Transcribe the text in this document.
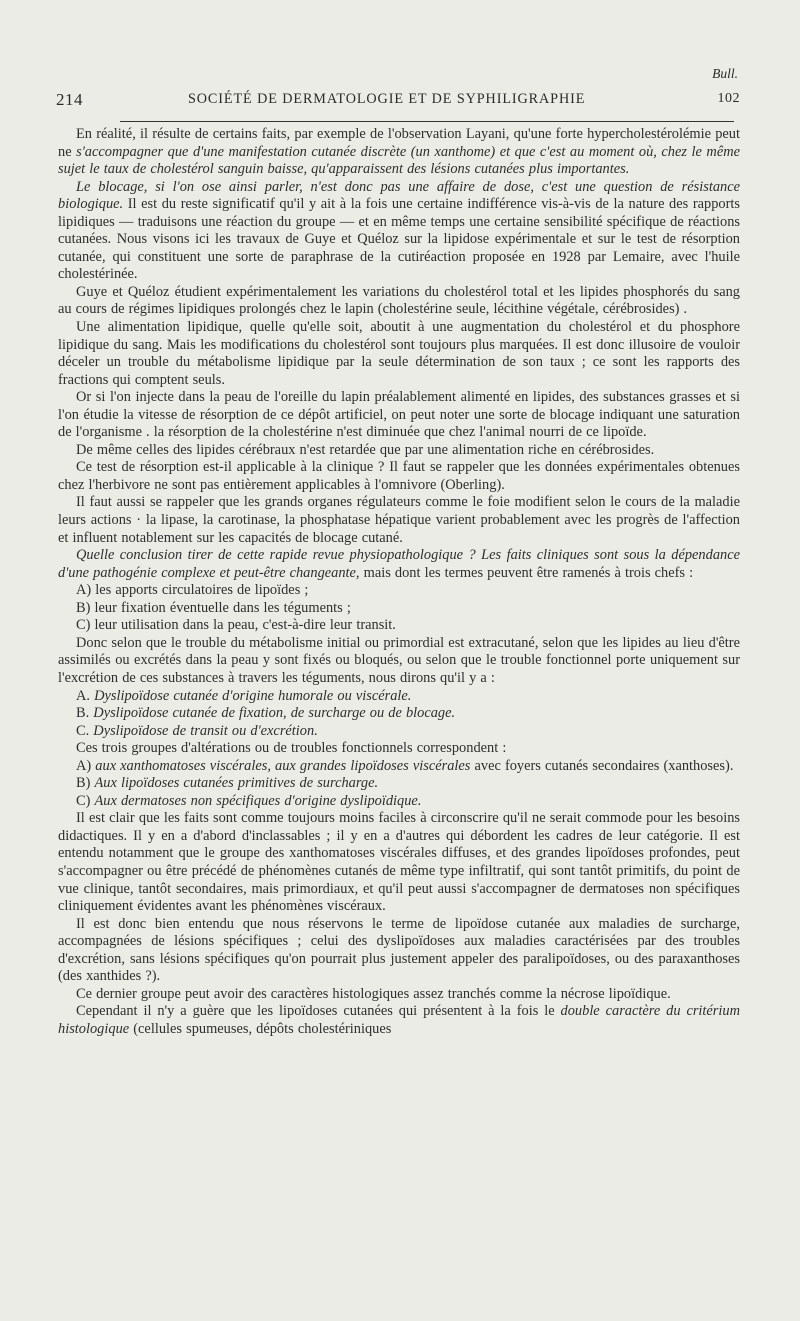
214	SOCIÉTÉ DE DERMATOLOGIE ET DE SYPHILIGRAPHIE
Bull.
102

En réalité, il résulte de certains faits, par exemple de l'observation Layani, qu'une forte hypercholestérolémie peut ne s'accompagner que d'une manifestation cutanée discrète (un xanthome) et que c'est au moment où, chez le même sujet le taux de cholestérol sanguin baisse, qu'apparaissent des lésions cutanées plus importantes.

Le blocage, si l'on ose ainsi parler, n'est donc pas une affaire de dose, c'est une question de résistance biologique. Il est du reste significatif qu'il y ait à la fois une certaine indifférence vis-à-vis de la nature des rapports lipidiques — traduisons une réaction du groupe — et en même temps une certaine sensibilité spécifique de réactions cutanées. Nous visons ici les travaux de Guye et Quéloz sur la lipidose expérimentale et sur le test de résorption cutanée, qui constituent une sorte de paraphrase de la cutiréaction proposée en 1928 par Lemaire, avec l'huile cholestérinée.

Guye et Quéloz étudient expérimentalement les variations du cholestérol total et les lipides phosphorés du sang au cours de régimes lipidiques prolongés chez le lapin (cholestérine seule, lécithine végétale, cérébrosides) .

Une alimentation lipidique, quelle qu'elle soit, aboutit à une augmentation du cholestérol et du phosphore lipidique du sang. Mais les modifications du cholestérol sont toujours plus marquées. Il est donc illusoire de vouloir déceler un trouble du métabolisme lipidique par la seule détermination de son taux ; ce sont les rapports des fractions qui comptent seuls.

Or si l'on injecte dans la peau de l'oreille du lapin préalablement alimenté en lipides, des substances grasses et si l'on étudie la vitesse de résorption de ce dépôt artificiel, on peut noter une sorte de blocage indiquant une saturation de l'organisme . la résorption de la cholestérine n'est diminuée que chez l'animal nourri de ce lipoïde.

De même celles des lipides cérébraux n'est retardée que par une alimentation riche en cérébrosides.

Ce test de résorption est-il applicable à la clinique ? Il faut se rappeler que les données expérimentales obtenues chez l'herbivore ne sont pas entièrement applicables à l'omnivore (Oberling).

Il faut aussi se rappeler que les grands organes régulateurs comme le foie modifient selon le cours de la maladie leurs actions · la lipase, la carotinase, la phosphatase hépatique varient probablement avec les progrès de l'affection et influent notablement sur les capacités de blocage cutané.

Quelle conclusion tirer de cette rapide revue physiopathologique ? Les faits cliniques sont sous la dépendance d'une pathogénie complexe et peut-être changeante, mais dont les termes peuvent être ramenés à trois chefs :

A) les apports circulatoires de lipoïdes ;

B) leur fixation éventuelle dans les téguments ;

C) leur utilisation dans la peau, c'est-à-dire leur transit.

Donc selon que le trouble du métabolisme initial ou primordial est extracutané, selon que les lipides au lieu d'être assimilés ou excrétés dans la peau y sont fixés ou bloqués, ou selon que le trouble fonctionnel porte uniquement sur l'excrétion de ces substances à travers les téguments, nous dirons qu'il y a :

A. Dyslipoïdose cutanée d'origine humorale ou viscérale.

B. Dyslipoïdose cutanée de fixation, de surcharge ou de blocage.

C. Dyslipoïdose de transit ou d'excrétion.

Ces trois groupes d'altérations ou de troubles fonctionnels correspondent :

A) aux xanthomatoses viscérales, aux grandes lipoïdoses viscérales avec foyers cutanés secondaires (xanthoses).

B) Aux lipoïdoses cutanées primitives de surcharge.

C) Aux dermatoses non spécifiques d'origine dyslipoïdique.

Il est clair que les faits sont comme toujours moins faciles à circonscrire qu'il ne serait commode pour les besoins didactiques. Il y en a d'abord d'inclassables ; il y en a d'autres qui débordent les cadres de leur catégorie. Il est entendu notamment que le groupe des xanthomatoses viscérales diffuses, et des grandes lipoïdoses profondes, peut s'accompagner ou être précédé de phénomènes cutanés de même type infiltratif, qui sont tantôt primitifs, du point de vue clinique, tantôt secondaires, mais primordiaux, et qu'il peut aussi s'accompagner de dermatoses non spécifiques cliniquement évidentes avant les phénomènes viscéraux.

Il est donc bien entendu que nous réservons le terme de lipoïdose cutanée aux maladies de surcharge, accompagnées de lésions spécifiques ; celui des dyslipoïdoses aux maladies caractérisées par des troubles d'excrétion, sans lésions spécifiques qu'on pourrait plus justement appeler des paralipoïdoses, ou des paraxanthoses (des xanthides ?).

Ce dernier groupe peut avoir des caractères histologiques assez tranchés comme la nécrose lipoïdique.

Cependant il n'y a guère que les lipoïdoses cutanées qui présentent à la fois le double caractère du critérium histologique (cellules spumeuses, dépôts cholestériniques
